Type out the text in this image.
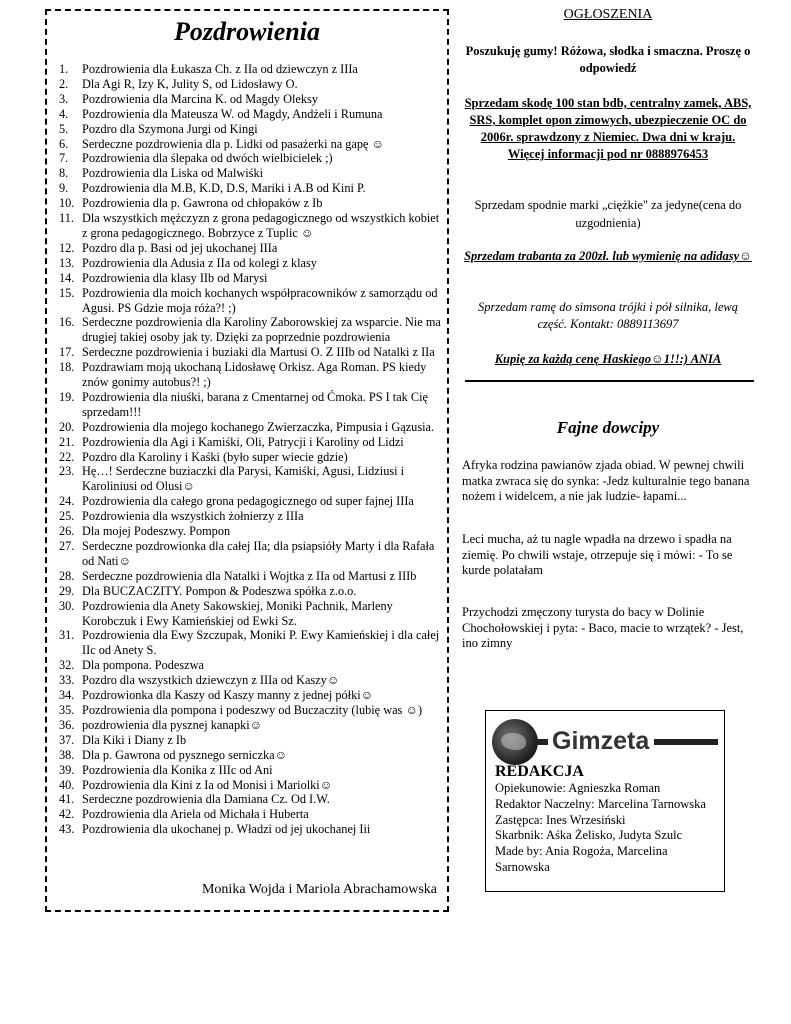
Pozdrowienia
1.	Pozdrowienia dla Łukasza Ch. z IIa od dziewczyn z IIIa
2.	Dla Agi R, Izy K, Julity S, od Lidosławy O.
3.	Pozdrowienia dla Marcina K. od Magdy Oleksy
4.	Pozdrowienia dla Mateusza W. od Magdy, Andżeli i Rumuna
5.	Pozdro dla Szymona Jurgi od Kingi
6.	Serdeczne pozdrowienia dla p. Lidki od pasażerki na gapę ☺
7.	Pozdrowienia dla ślepaka od dwóch wielbicielek ;)
8.	Pozdrowienia dla Liska od Malwiśki
9.	Pozdrowienia dla M.B, K.D, D.S, Mariki i A.B od Kini P.
10. Pozdrowienia dla p. Gawrona od chłopaków z Ib
11. Dla wszystkich mężczyzn z grona pedagogicznego od wszystkich kobiet z grona pedagogicznego. Bobrzyce z Tuplic ☺
12. Pozdro dla p. Basi od jej ukochanej IIIa
13. Pozdrowienia dla Adusia z IIa od kolegi z klasy
14. Pozdrowienia dla klasy IIb od Marysi
15. Pozdrowienia dla moich kochanych współpracowników z samorządu od Agusi. PS Gdzie moja róża?! ;)
16. Serdeczne pozdrowienia dla Karoliny Zaborowskiej za wsparcie. Nie ma drugiej takiej osoby jak ty. Dzięki za poprzednie pozdrowienia
17. Serdeczne pozdrowienia i buziaki dla Martusi O. Z IIIb od Natalki z IIa
18. Pozdrawiam moją ukochaną Lidosławę Orkisz. Aga Roman. PS kiedy znów gonimy autobus?! ;)
19. Pozdrowienia dla niuśki, barana z Cmentarnej od Ćmoka. PS I tak Cię sprzedam!!!
20. Pozdrowienia dla mojego kochanego Zwierzaczka, Pimpusia i Gązusia.
21. Pozdrowienia dla Agi i Kamiśki, Oli, Patrycji i Karoliny od Lidzi
22. Pozdro dla Karoliny i Kaśki (było super wiecie gdzie)
23. Hę…! Serdeczne buziaczki dla Parysi, Kamiśki, Agusi, Lidziusi i Karoliniusi od Olusi☺
24. Pozdrowienia dla całego grona pedagogicznego od super fajnej IIIa
25. Pozdrowienia dla wszystkich żołnierzy z IIIa
26. Dla mojej Podeszwy. Pompon
27. Serdeczne pozdrowionka dla całej IIa; dla psiapsióły Marty i dla Rafała od Nati☺
28. Serdeczne pozdrowienia dla Natalki i Wojtka z IIa od Martusi z IIIb
29. Dla BUCZACZITY. Pompon & Podeszwa spółka z.o.o.
30. Pozdrowienia dla Anety Sakowskiej, Moniki Pachnik, Marleny Korobczuk i Ewy Kamieńskiej od Ewki Sz.
31. Pozdrowienia dla Ewy Szczupak, Moniki P. Ewy Kamieńskiej i dla całej IIc od Anety S.
32. Dla pompona. Podeszwa
33. Pozdro dla wszystkich dziewczyn z IIIa od Kaszy☺
34. Pozdrowionka dla Kaszy od Kaszy manny z jednej półki☺
35. Pozdrowienia dla pompona i podeszwy od Buczaczity (lubię was ☺)
36. pozdrowienia dla pysznej kanapki☺
37. Dla Kiki i Diany z Ib
38. Dla p. Gawrona od pysznego serniczka☺
39. Pozdrowienia dla Konika z IIIc od Ani
40. Pozdrowienia dla Kini z Ia od Monisi i Mariolki☺
41. Serdeczne pozdrowienia dla Damiana Cz. Od I.W.
42. Pozdrowienia dla Ariela od Michała i Huberta
43. Pozdrowienia dla ukochanej p. Władzi od jej ukochanej Iii
Monika Wojda i Mariola Abrachamowska
OGŁOSZENIA
Poszukuję gumy! Różowa, słodka i smaczna. Proszę o odpowiedź
Sprzedam skodę 100 stan bdb, centralny zamek, ABS, SRS, komplet opon zimowych, ubezpieczenie OC do 2006r. sprawdzony z Niemiec. Dwa dni w kraju. Więcej informacji pod nr 0888976453
Sprzedam spodnie marki „ciężkie" za jedyne(cena do uzgodnienia)
Sprzedam trabanta za 200zł. lub wymienię na adidasy☺
Sprzedam ramę do simsona trójki i pół silnika, lewą część. Kontakt: 0889113697
Kupię za każdą cenę Haskiego☺1!!:) ANIA
Fajne dowcipy
Afryka rodzina pawianów zjada obiad. W pewnej chwili matka zwraca się do synka: -Jedz kulturalnie tego banana nożem i widelcem, a nie jak ludzie- łapami...
Leci mucha, aż tu nagle wpadła na drzewo i spadła na ziemię. Po chwili wstaje, otrzepuje się i mówi: - To se kurde polatałam
Przychodzi zmęczony turysta do bacy w Dolinie Chochołowskiej i pyta: - Baco, macie to wrzątek? - Jest, ino zimny
Gimzeta
REDAKCJA
Opiekunowie: Agnieszka Roman
Redaktor Naczelny: Marcelina Tarnowska
Zastępca: Ines Wrzesiński
Skarbnik: Aśka Żelisko, Judyta Szulc
Made by: Ania Rogoża, Marcelina Sarnowska
